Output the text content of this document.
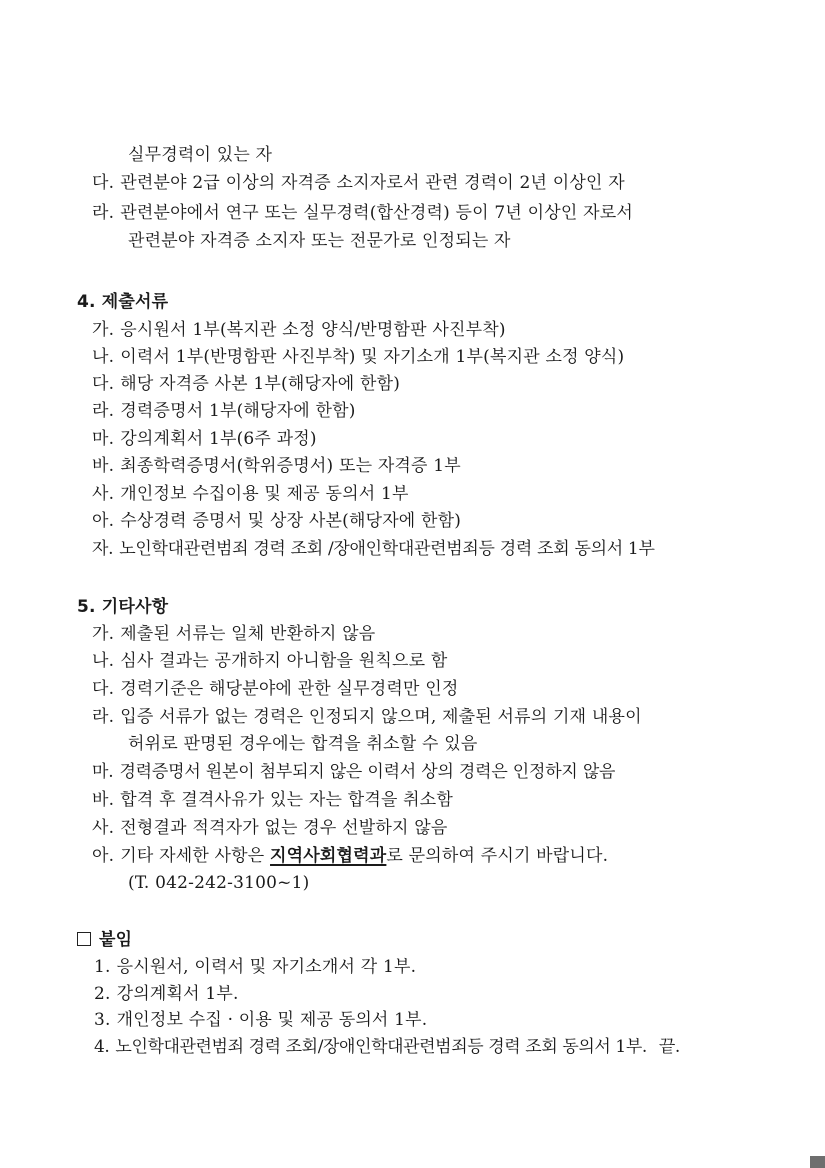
실무경력이 있는 자
다. 관련분야 2급 이상의 자격증 소지자로서 관련 경력이 2년 이상인 자
라. 관련분야에서 연구 또는 실무경력(합산경력) 등이 7년 이상인 자로서
관련분야 자격증 소지자 또는 전문가로 인정되는 자
4. 제출서류
가. 응시원서 1부(복지관 소정 양식/반명함판 사진부착)
나. 이력서 1부(반명함판 사진부착) 및 자기소개 1부(복지관 소정 양식)
다. 해당 자격증 사본 1부(해당자에 한함)
라. 경력증명서 1부(해당자에 한함)
마. 강의계획서 1부(6주 과정)
바. 최종학력증명서(학위증명서) 또는 자격증 1부
사. 개인정보 수집이용 및 제공 동의서 1부
아. 수상경력 증명서 및 상장 사본(해당자에 한함)
자. 노인학대관련범죄 경력 조회 /장애인학대관련범죄등 경력 조회 동의서 1부
5. 기타사항
가. 제출된 서류는 일체 반환하지 않음
나. 심사 결과는 공개하지 아니함을 원칙으로 함
다. 경력기준은 해당분야에 관한 실무경력만 인정
라. 입증 서류가 없는 경력은 인정되지 않으며, 제출된 서류의 기재 내용이
허위로 판명된 경우에는 합격을 취소할 수 있음
마. 경력증명서 원본이 첨부되지 않은 이력서 상의 경력은 인정하지 않음
바. 합격 후 결격사유가 있는 자는 합격을 취소함
사. 전형결과 적격자가 없는 경우 선발하지 않음
아. 기타 자세한 사항은 지역사회협력과로 문의하여 주시기 바랍니다.
(T. 042-242-3100~1)
붙임
1. 응시원서, 이력서 및 자기소개서 각 1부.
2. 강의계획서 1부.
3. 개인정보 수집 · 이용 및 제공 동의서 1부.
4. 노인학대관련범죄 경력 조회/장애인학대관련범죄등 경력 조회 동의서 1부. 끝.
